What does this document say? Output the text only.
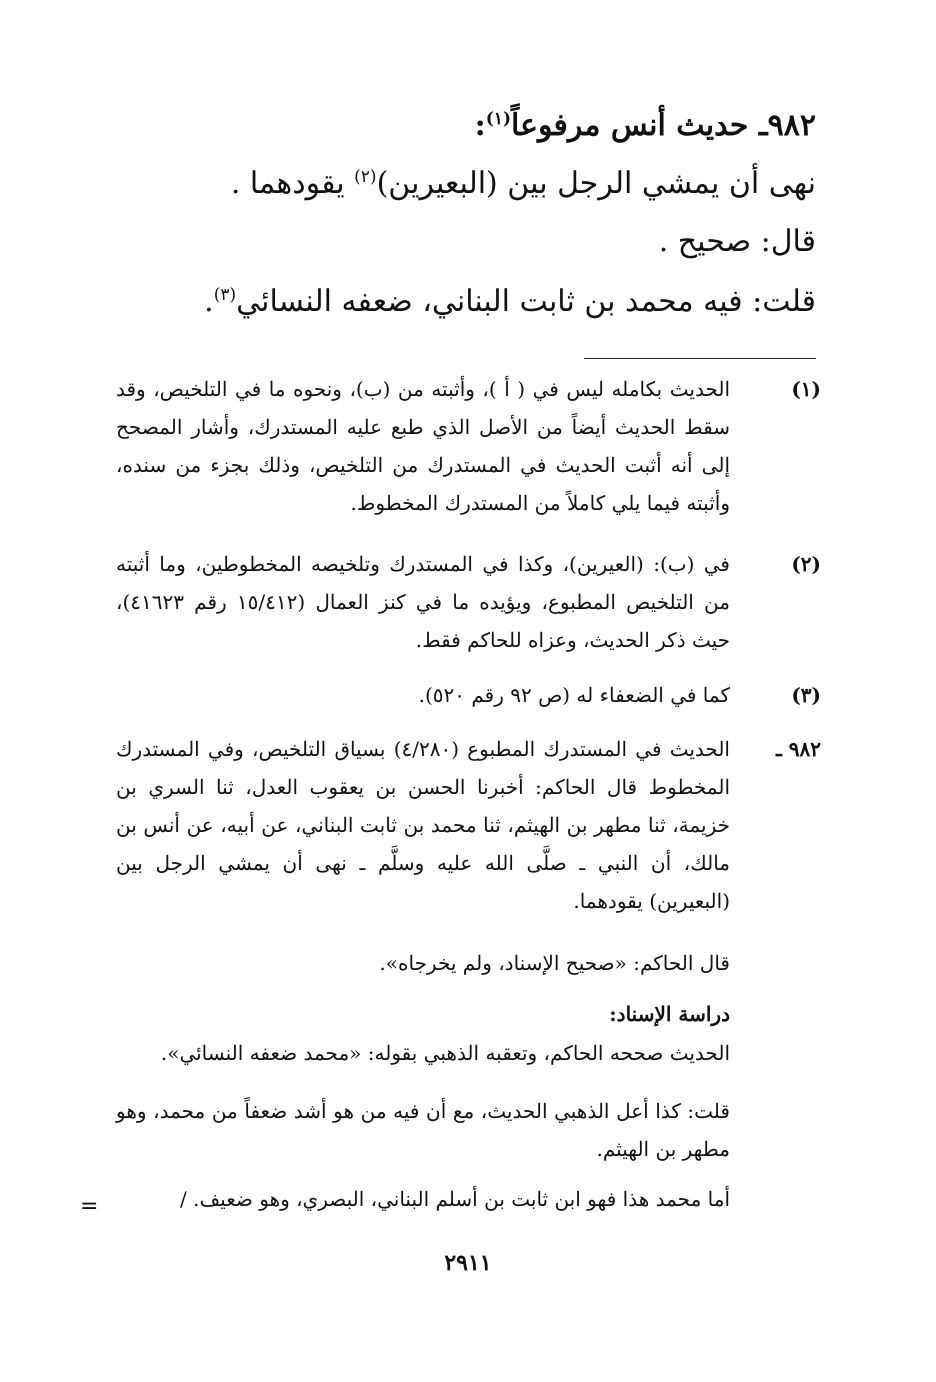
٩٨٢ـ حديث أنس مرفوعاً$^{(١)}$:
نهى أن يمشي الرجل بين (البعيرين)$^{(٢)}$ يقودهما .
قال: صحيح .
قلت: فيه محمد بن ثابت البناني، ضعفه النسائي$^{(٣)}$.
(١)
الحديث بكامله ليس في ( أ )، وأثبته من (ب)، ونحوه ما في التلخيص، وقد سقط الحديث أيضاً من الأصل الذي طبع عليه المستدرك، وأشار المصحح إلى أنه أثبت الحديث في المستدرك من التلخيص، وذلك بجزء من سنده، وأثبته فيما يلي كاملاً من المستدرك المخطوط.
(٢)
في (ب): (العيرين)، وكذا في المستدرك وتلخيصه المخطوطين، وما أثبته من التلخيص المطبوع، ويؤيده ما في كنز العمال (١٥/٤١٢ رقم ٤١٦٢٣)، حيث ذكر الحديث، وعزاه للحاكم فقط.
(٣)
كما في الضعفاء له (ص ٩٢ رقم ٥٢٠).
٩٨٢ ـ
الحديث في المستدرك المطبوع (٤/٢٨٠) بسياق التلخيص، وفي المستدرك المخطوط قال الحاكم: أخبرنا الحسن بن يعقوب العدل، ثنا السري بن خزيمة، ثنا مطهر بن الهيثم، ثنا محمد بن ثابت البناني، عن أبيه، عن أنس بن مالك، أن النبي ـ صلَّى الله عليه وسلَّم ـ نهى أن يمشي الرجل بين (البعيرين) يقودهما.
قال الحاكم: «صحيح الإسناد، ولم يخرجاه».
دراسة الإسناد:
الحديث صححه الحاكم، وتعقبه الذهبي بقوله: «محمد ضعفه النسائي».
قلت: كذا أعل الذهبي الحديث، مع أن فيه من هو أشد ضعفاً من محمد، وهو مطهر بن الهيثم.
أما محمد هذا فهو ابن ثابت بن أسلم البناني، البصري، وهو ضعيف. /
=
٢٩١١
